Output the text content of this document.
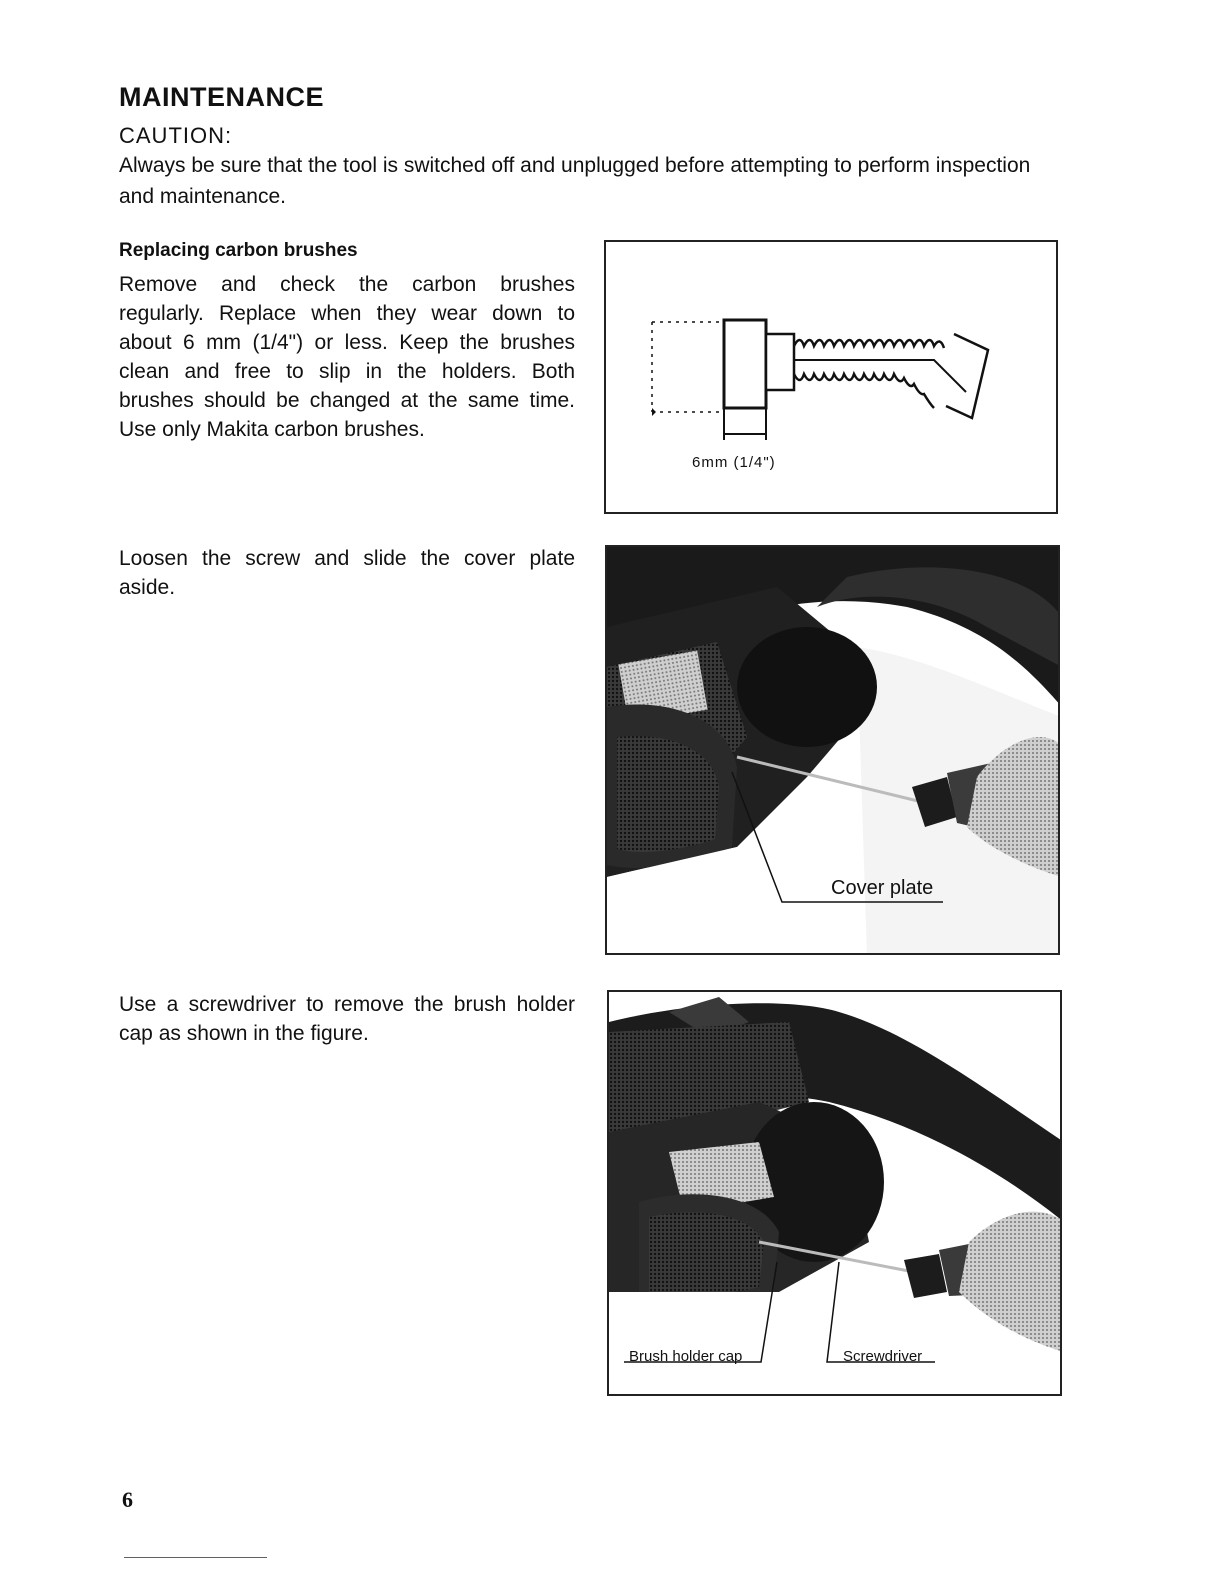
MAINTENANCE
CAUTION:
Always be sure that the tool is switched off and unplugged before attempting to perform inspection and maintenance.
Replacing carbon brushes
Remove and check the carbon brushes regularly. Replace when they wear down to about 6 mm (1/4") or less. Keep the brushes clean and free to slip in the holders. Both brushes should be changed at the same time. Use only Makita carbon brushes.
Loosen the screw and slide the cover plate aside.
Use a screwdriver to remove the brush holder cap as shown in the figure.
6mm (1/4")
Cover plate
Brush holder cap	Screwdriver
6
